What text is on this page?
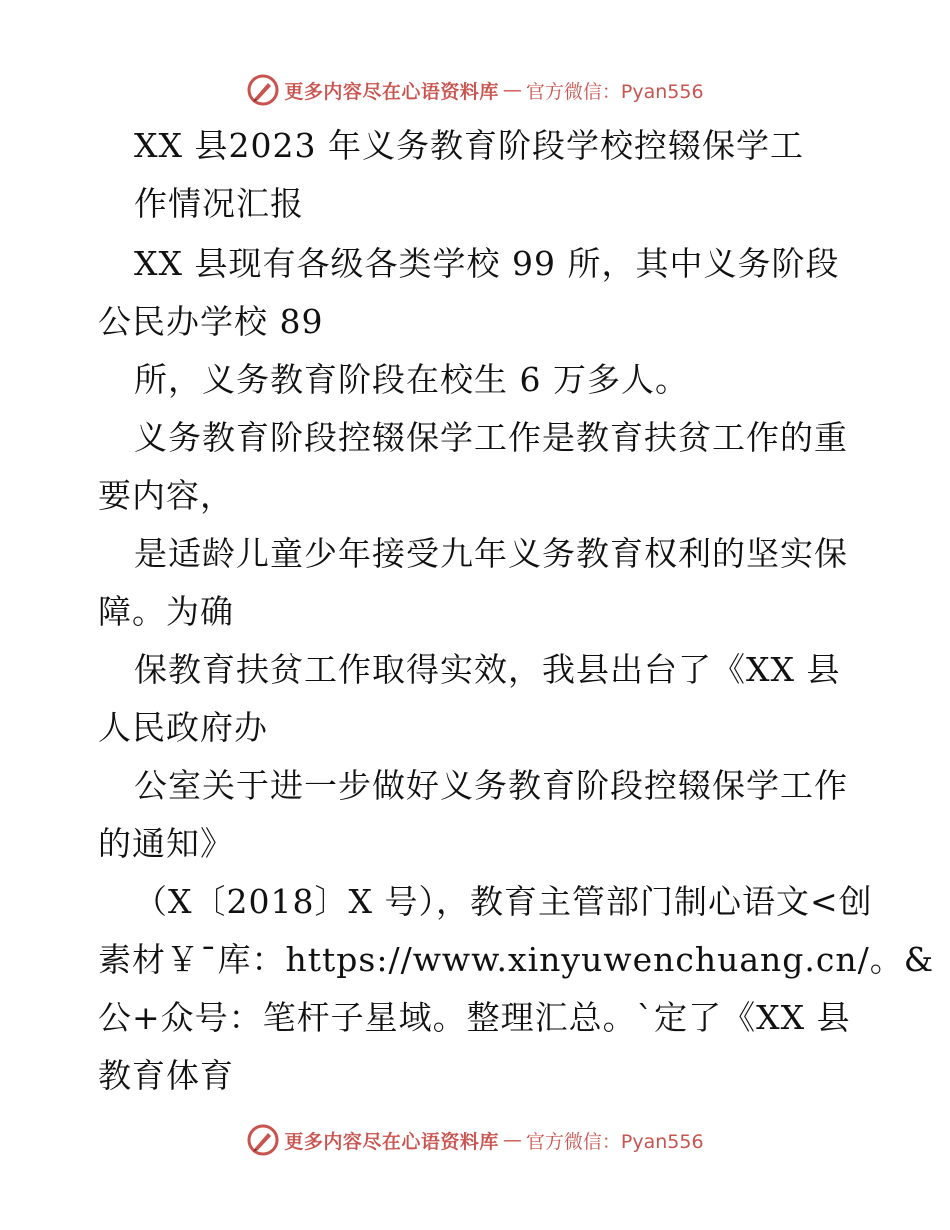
更多内容尽在心语资料库 — 官方微信：Pyan556
XX 县2023 年义务教育阶段学校控辍保学工
作情况汇报
XX 县现有各级各类学校 99 所，其中义务阶段
公民办学校 89
所，义务教育阶段在校生 6 万多人。
义务教育阶段控辍保学工作是教育扶贫工作的重
要内容，
是适龄儿童少年接受九年义务教育权利的坚实保
障。为确
保教育扶贫工作取得实效，我县出台了《XX 县
人民政府办
公室关于进一步做好义务教育阶段控辍保学工作
的通知》
（X〔2018〕X 号），教育主管部门制心语文<创
素材￥¯库：https://www.xinyuwenchuang.cn/。&
公+众号：笔杆子星域。整理汇总。`定了《XX 县
教育体育
更多内容尽在心语资料库 — 官方微信：Pyan556
